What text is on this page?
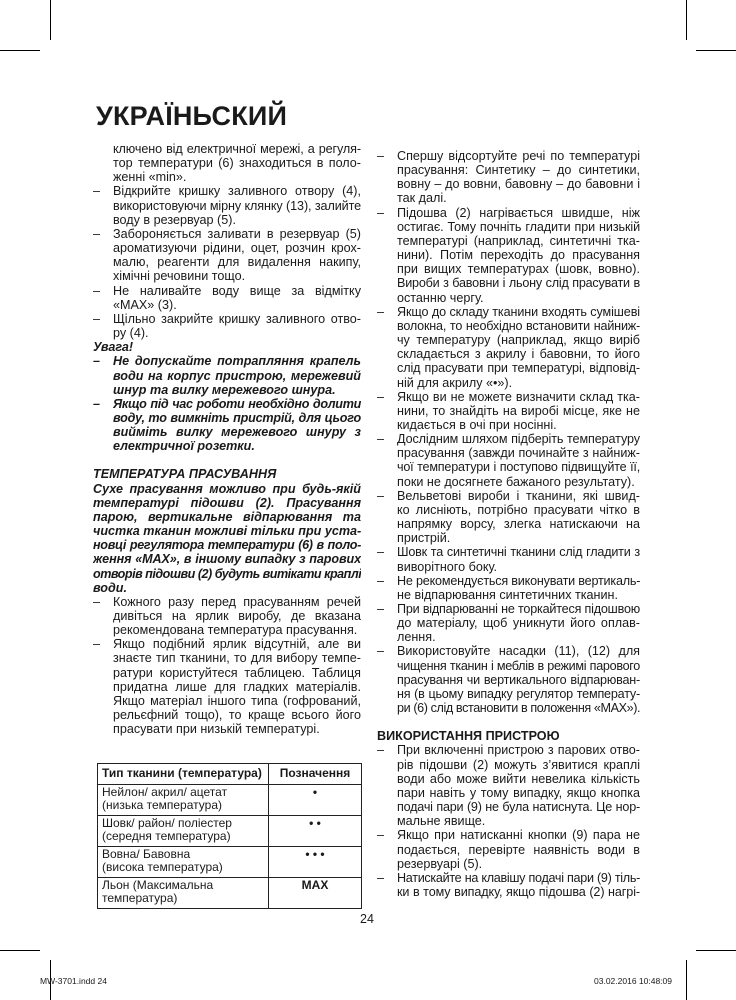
УКРАЇНЬСКИЙ
ключено від електричної мережі, а регуля-
тор температури (6) знаходиться в поло-
женні «min».
– Відкрийте кришку заливного отвору (4),
використовуючи мірну клянку (13), залийте
воду в резервуар (5).
– Забороняється заливати в резервуар (5)
ароматизуючи рідини, оцет, розчин крох-
малю, реагенти для видалення накипу,
хімічні речовини тощо.
– Не наливайте воду вище за відмітку
«MAX» (3).
– Щільно закрийте кришку заливного отво-
ру (4).
Увага!
– Не допускайте потрапляння крапель
води на корпус пристрою, мережевий
шнур та вилку мережевого шнура.
– Якщо під час роботи необхідно долити
воду, то вимкніть пристрій, для цього
вийміть вилку мережевого шнуру з
електричної розетки.
ТЕМПЕРАТУРА ПРАСУВАННЯ
Сухе прасування можливо при будь-якій
температурі підошви (2). Прасування
парою, вертикальне відпарювання та
чистка тканин можливі тільки при уста-
новці регулятора температури (6) в поло-
ження «MAX», в іншому випадку з парових
отворів підошви (2) будуть витікати краплі
води.
– Кожного разу перед прасуванням речей
дивіться на ярлик виробу, де вказана
рекомендована температура прасування.
– Якщо подібний ярлик відсутній, але ви
знаєте тип тканини, то для вибору темпе-
ратури користуйтеся таблицею. Таблиця
придатна лише для гладких матеріалів.
Якщо матеріал іншого типа (гофрований,
рельєфний тощо), то краще всього його
прасувати при низькій температурі.
– Спершу відсортуйте речі по температурі
прасування: Синтетику – до синтетики,
вовну – до вовни, бавовну – до бавовни і
так далі.
– Підошва (2) нагрівається швидше, ніж
остигає. Тому почніть гладити при низькій
температурі (наприклад, синтетичні тка-
нини). Потім переходіть до прасування
при вищих температурах (шовк, вовно).
Вироби з бавовни і льону слід прасувати в
останню чергу.
– Якщо до складу тканини входять сумішеві
волокна, то необхідно встановити найниж-
чу температуру (наприклад, якщо виріб
складається з акрилу і бавовни, то його
слід прасувати при температурі, відповід-
ній для акрилу «•»).
– Якщо ви не можете визначити склад тка-
нини, то знайдіть на виробі місце, яке не
кидається в очі при носінні.
– Дослідним шляхом підберіть температуру
прасування (завжди починайте з найниж-
чої температури і поступово підвищуйте її,
поки не досягнете бажаного результату).
– Вельветові вироби і тканини, які швид-
ко лисніють, потрібно прасувати чітко в
напрямку ворсу, злегка натискаючи на
пристрій.
– Шовк та синтетичні тканини слід гладити з
виворітного боку.
– Не рекомендується виконувати вертикаль-
не відпарювання синтетичних тканин.
– При відпарюванні не торкайтеся підошвою
до матеріалу, щоб уникнути його оплав-
лення.
– Використовуйте насадки (11), (12) для
чищення тканин і меблів в режимі парового
прасування чи вертикального відпарюван-
ня (в цьому випадку регулятор температу-
ри (6) слід встановити в положення «MAX»).
ВИКОРИСТАННЯ ПРИСТРОЮ
– При включенні пристрою з парових отво-
рів підошви (2) можуть з’явитися краплі
води або може вийти невелика кількість
пари навіть у тому випадку, якщо кнопка
подачі пари (9) не була натиснута. Це нор-
мальне явище.
– Якщо при натисканні кнопки (9) пара не
подається, перевірте наявність води в
резервуарі (5).
– Натискайте на клавішу подачі пари (9) тіль-
ки в тому випадку, якщо підошва (2) нагрі-
Тип тканини (температура)	Позначення

Нейлон/ акрил/ ацетат
(низька температура)	•

Шовк/ район/ поліестер
(середня температура)	• •

Вовна/ Бавовна
(висока температура)	• • •

Льон (Максимальна
температура)	MAX
24
MW-3701.indd 24	03.02.2016 10:48:09
